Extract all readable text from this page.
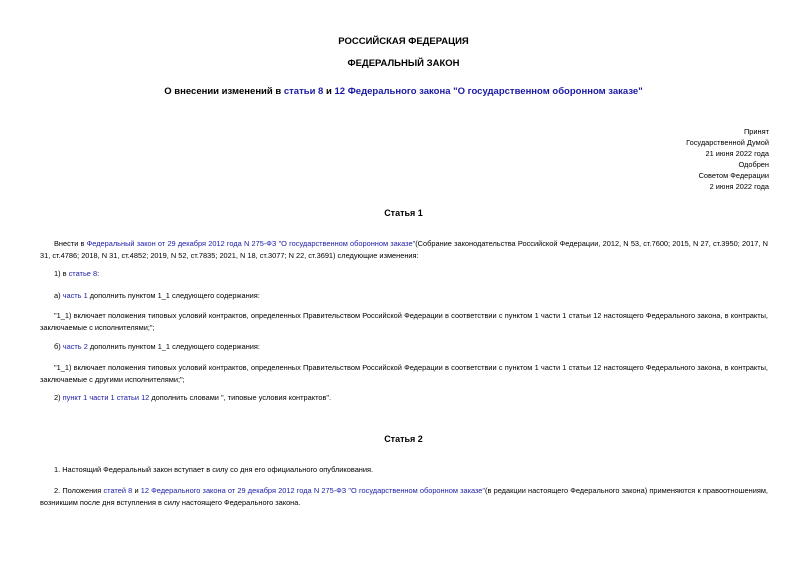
РОССИЙСКАЯ ФЕДЕРАЦИЯ
ФЕДЕРАЛЬНЫЙ ЗАКОН
О внесении изменений в статьи 8 и 12 Федерального закона "О государственном оборонном заказе"
Принят
Государственной Думой
21 июня 2022 года
Одобрен
Советом Федерации
2 июня 2022 года
Статья 1
Внести в Федеральный закон от 29 декабря 2012 года N 275-ФЗ "О государственном оборонном заказе"(Собрание законодательства Российской Федерации, 2012, N 53, ст.7600; 2015, N 27, ст.3950; 2017, N 31, ст.4786; 2018, N 31, ст.4852; 2019, N 52, ст.7835; 2021, N 18, ст.3077; N 22, ст.3691) следующие изменения:
1) в статье 8:
а) часть 1 дополнить пунктом 1_1 следующего содержания:
"1_1) включает положения типовых условий контрактов, определенных Правительством Российской Федерации в соответствии с пунктом 1 части 1 статьи 12 настоящего Федерального закона, в контракты, заключаемые с исполнителями;";
б) часть 2 дополнить пунктом 1_1 следующего содержания:
"1_1) включает положения типовых условий контрактов, определенных Правительством Российской Федерации в соответствии с пунктом 1 части 1 статьи 12 настоящего Федерального закона, в контракты, заключаемые с другими исполнителями;";
2) пункт 1 части 1 статьи 12 дополнить словами ", типовые условия контрактов".
Статья 2
1. Настоящий Федеральный закон вступает в силу со дня его официального опубликования.
2. Положения статей 8 и 12 Федерального закона от 29 декабря 2012 года N 275-ФЗ "О государственном оборонном заказе"(в редакции настоящего Федерального закона) применяются к правоотношениям, возникшим после дня вступления в силу настоящего Федерального закона.
